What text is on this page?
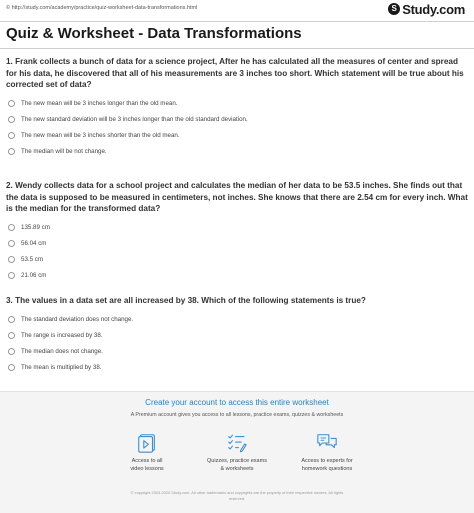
© http://study.com/academy/practice/quiz-worksheet-data-transformations.html	S Study.com
Quiz & Worksheet - Data Transformations

1. Frank collects a bunch of data for a science project, After he has calculated all the measures of center and spread for his data, he discovered that all of his measurements are 3 inches too short. Which statement will be true about his corrected set of data?

The new mean will be 3 inches longer than the old mean.
The new standard deviation will be 3 inches longer than the old standard deviation.
The new mean will be 3 inches shorter than the old mean.
The median will be not change.

2. Wendy collects data for a school project and calculates the median of her data to be 53.5 inches. She finds out that the data is supposed to be measured in centimeters, not inches. She knows that there are 2.54 cm for every inch. What is the median for the transformed data?

135.89 cm
56.04 cm
53.5 cm
21.06 cm

3. The values in a data set are all increased by 38. Which of the following statements is true?

The standard deviation does not change.
The range is increased by 38.
The median does not change.
The mean is multiplied by 38.
Create your account to access this entire worksheet
A Premium account gives you access to all lessons, practice exams, quizzes & worksheets
Access to all
video lessons
Quizzes, practice exams
& worksheets
Access to experts for
homework questions
© copyright 2003-2020 Study.com. All other trademarks and copyrights are the property of their respective owners. All rights
reserved.
